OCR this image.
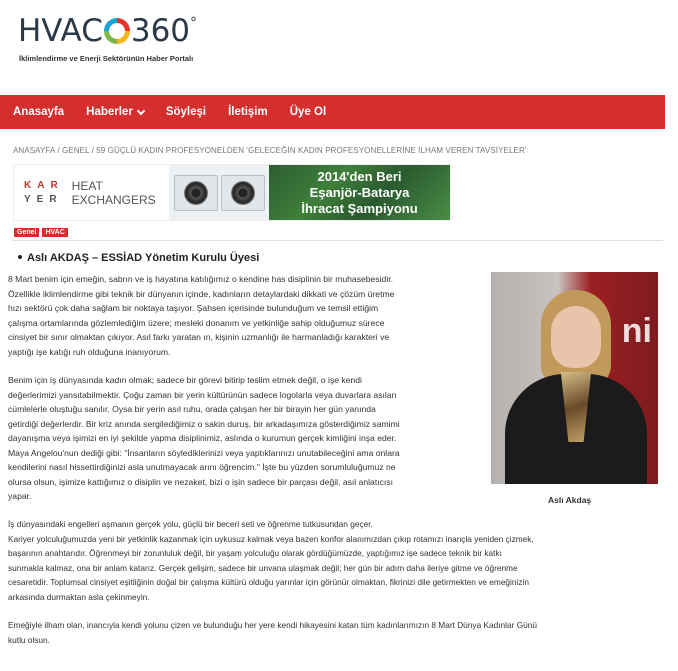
HVAC 360°
İklimlendirme ve Enerji Sektörünün Haber Portalı
Anasayfa Haberler	Söyleşi İletişim Üye Ol
ANASAYFA / GENEL / 59 GÜÇLÜ KADIN PROFESYONELDEN 'GELECEĞİN KADIN PROFESYONELLERİNE İLHAM VEREN TAVSİYELER'
KAR
YER
HEAT
EXCHANGERS
2014'den Beri
Eşanjör-Batarya
İhracat Şampiyonu
Genel	HVAC
Aslı AKDAŞ – ESSİAD Yönetim Kurulu Üyesi
8 Mart benim için emeğin, sabrın ve iş hayatına katılığımız o kendine has disiplinin bir muhasebesidir.
Özellikle iklimlendirme gibi teknik bir dünyanın içinde, kadınların detaylardaki dikkati ve çözüm üretme
hızı sektörü çok daha sağlam bir noktaya taşıyor. Şahsen içerisinde bulunduğum ve temsil ettiğim
çalışma ortamlarında gözlemlediğim üzere; mesleki donanım ve yetkinliğe sahip olduğumuz sürece
cinsiyet bir sınır olmaktan çıkıyor. Asıl farkı yaratan ın, kişinin uzmanlığı ile harmanladığı karakteri ve
yaptığı işe katığı ruh olduğuna inanıyorum.
Benim için iş dünyasında kadın olmak; sadece bir görevi bitirip teslim etmek değil, o işe kendi
değerlerimizi yansıtabilmektir. Çoğu zaman bir yerin kültürünün sadece logolarla veya duvarlara asılan
cümlelerle oluştuğu sanılır. Oysa bir yerin asıl ruhu, orada çalışan her bir birayin her gün yanında
getirdiği değerlerdir. Bir kriz anında sergilediğimiz o sakin duruş, bir arkadaşımıza gösterdiğimiz samimi
dayanışma veya işimizi en iyi şekilde yapma disiplinimiz, aslında o kurumun gerçek kimliğini inşa eder.
Maya Angelou'nun dediği gibi: "İnsanların söylediklerinizi veya yaptıklarınızı unutabileceğini ama onlara
kendilerini nasıl hissettirdiğinizi asla unutmayacak arını öğrencim." İşte bu yüzden sorumluluğumuz ne
olursa olsun, işimize kattığımız o disiplin ve nezaket, bizi o işin sadece bir parçası değil, asıl anlatıcısı
yapar.
İş dünyasındaki engelleri aşmanın gerçek yolu, güçlü bir beceri seti ve öğrenme tutkusundan geçer.
Kariyer yolculuğumuzda yeni bir yetkinlik kazanmak için uykusuz kalmak veya bazen konfor alanımızdan çıkıp rotamızı inançla yeniden çizmek,
başarının anahtarıdır. Öğrenmeyi bir zorunluluk değil, bir yaşam yolculuğu olarak gördüğümüzde, yaptığımız işe sadece teknik bir katkı
sunmakla kalmaz, ona bir anlam katarız. Gerçek gelişim, sadece bir unvana ulaşmak değil; her gün bir adım daha ileriye gitme ve öğrenme
cesaretidir. Toplumsal cinsiyet eşitliğinin doğal bir çalışma kültürü olduğu yarınlar için görünür olmaktan, fikrinizi dile getirmekten ve emeğinizin
arkasında durmaktan asla çekinmeyin.
Emeğiyle ilham olan, inancıyla kendi yolunu çizen ve bulunduğu her yere kendi hikayesini katan tüm kadınlarımızın 8 Mart Dünya Kadınlar Günü
kutlu olsun.
ni
Aslı Akdaş
